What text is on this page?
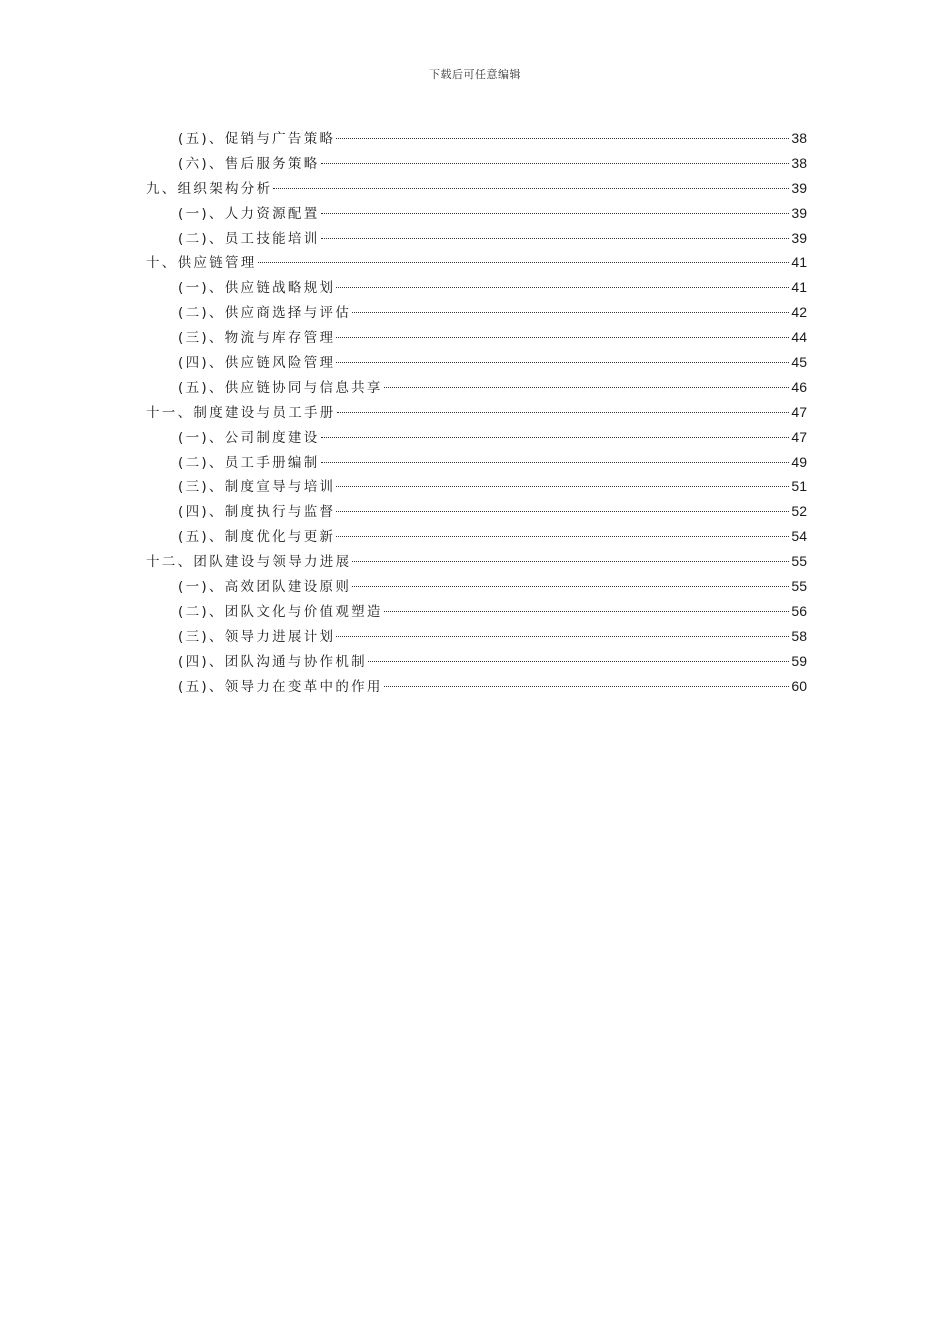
下载后可任意编辑
(五)、促销与广告策略	38
(六)、售后服务策略	38
九、组织架构分析	39
(一)、人力资源配置	39
(二)、员工技能培训	39
十、供应链管理	41
(一)、供应链战略规划	41
(二)、供应商选择与评估	42
(三)、物流与库存管理	44
(四)、供应链风险管理	45
(五)、供应链协同与信息共享	46
十一、制度建设与员工手册	47
(一)、公司制度建设	47
(二)、员工手册编制	49
(三)、制度宣导与培训	51
(四)、制度执行与监督	52
(五)、制度优化与更新	54
十二、团队建设与领导力进展	55
(一)、高效团队建设原则	55
(二)、团队文化与价值观塑造	56
(三)、领导力进展计划	58
(四)、团队沟通与协作机制	59
(五)、领导力在变革中的作用	60
